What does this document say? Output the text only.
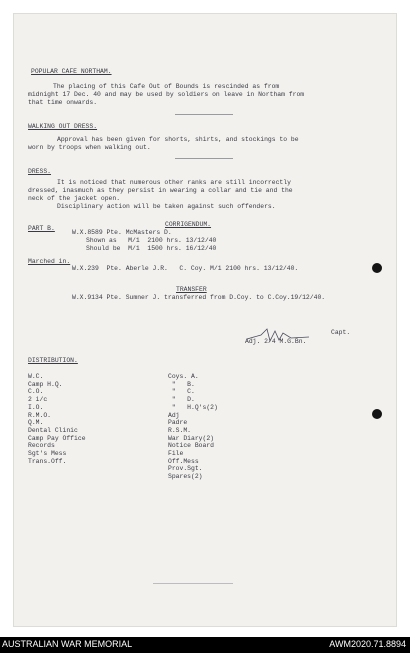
POPULAR CAFE NORTHAM.
The placing of this Cafe Out of Bounds is rescinded as from
midnight 17 Dec. 40 and may be used by soldiers on leave in Northam from
that time onwards.
WALKING OUT DRESS.
Approval has been given for shorts, shirts, and stockings to be
worn by troops when walking out.
DRESS.
It is noticed that numerous other ranks are still incorrectly
dressed, inasmuch as they persist in wearing a collar and tie and the
neck of the jacket open.
Disciplinary action will be taken against such offenders.
PART B.
CORRIGENDUM.
W.X.8589 Pte. McMasters D.
Shown as   M/1  2100 hrs. 13/12/40
Should be  M/1  1500 hrs. 16/12/40
Marched in.
W.X.239  Pte. Aberle J.R.   C. Coy. M/1 2100 hrs. 13/12/40.
TRANSFER
W.X.9134 Pte. Sumner J. transferred from D.Coy. to C.Coy.19/12/40.
Capt.
Adj. 2/4 M.G.Bn.
DISTRIBUTION.
W.C.
Camp H.Q.
C.O.
2 i/c
I.O.
R.M.O.
Q.M.
Dental Clinic
Camp Pay Office
Records
Sgt's Mess
Trans.Off.
Coys. A.
"   B.
"   C.
"   D.
"   H.Q's(2)
Adj
Padre
R.S.M.
War Diary(2)
Notice Board
File
Off.Mess
Prov.Sgt.
Spares(2)
AUSTRALIAN WAR MEMORIAL	AWM2020.71.8894
